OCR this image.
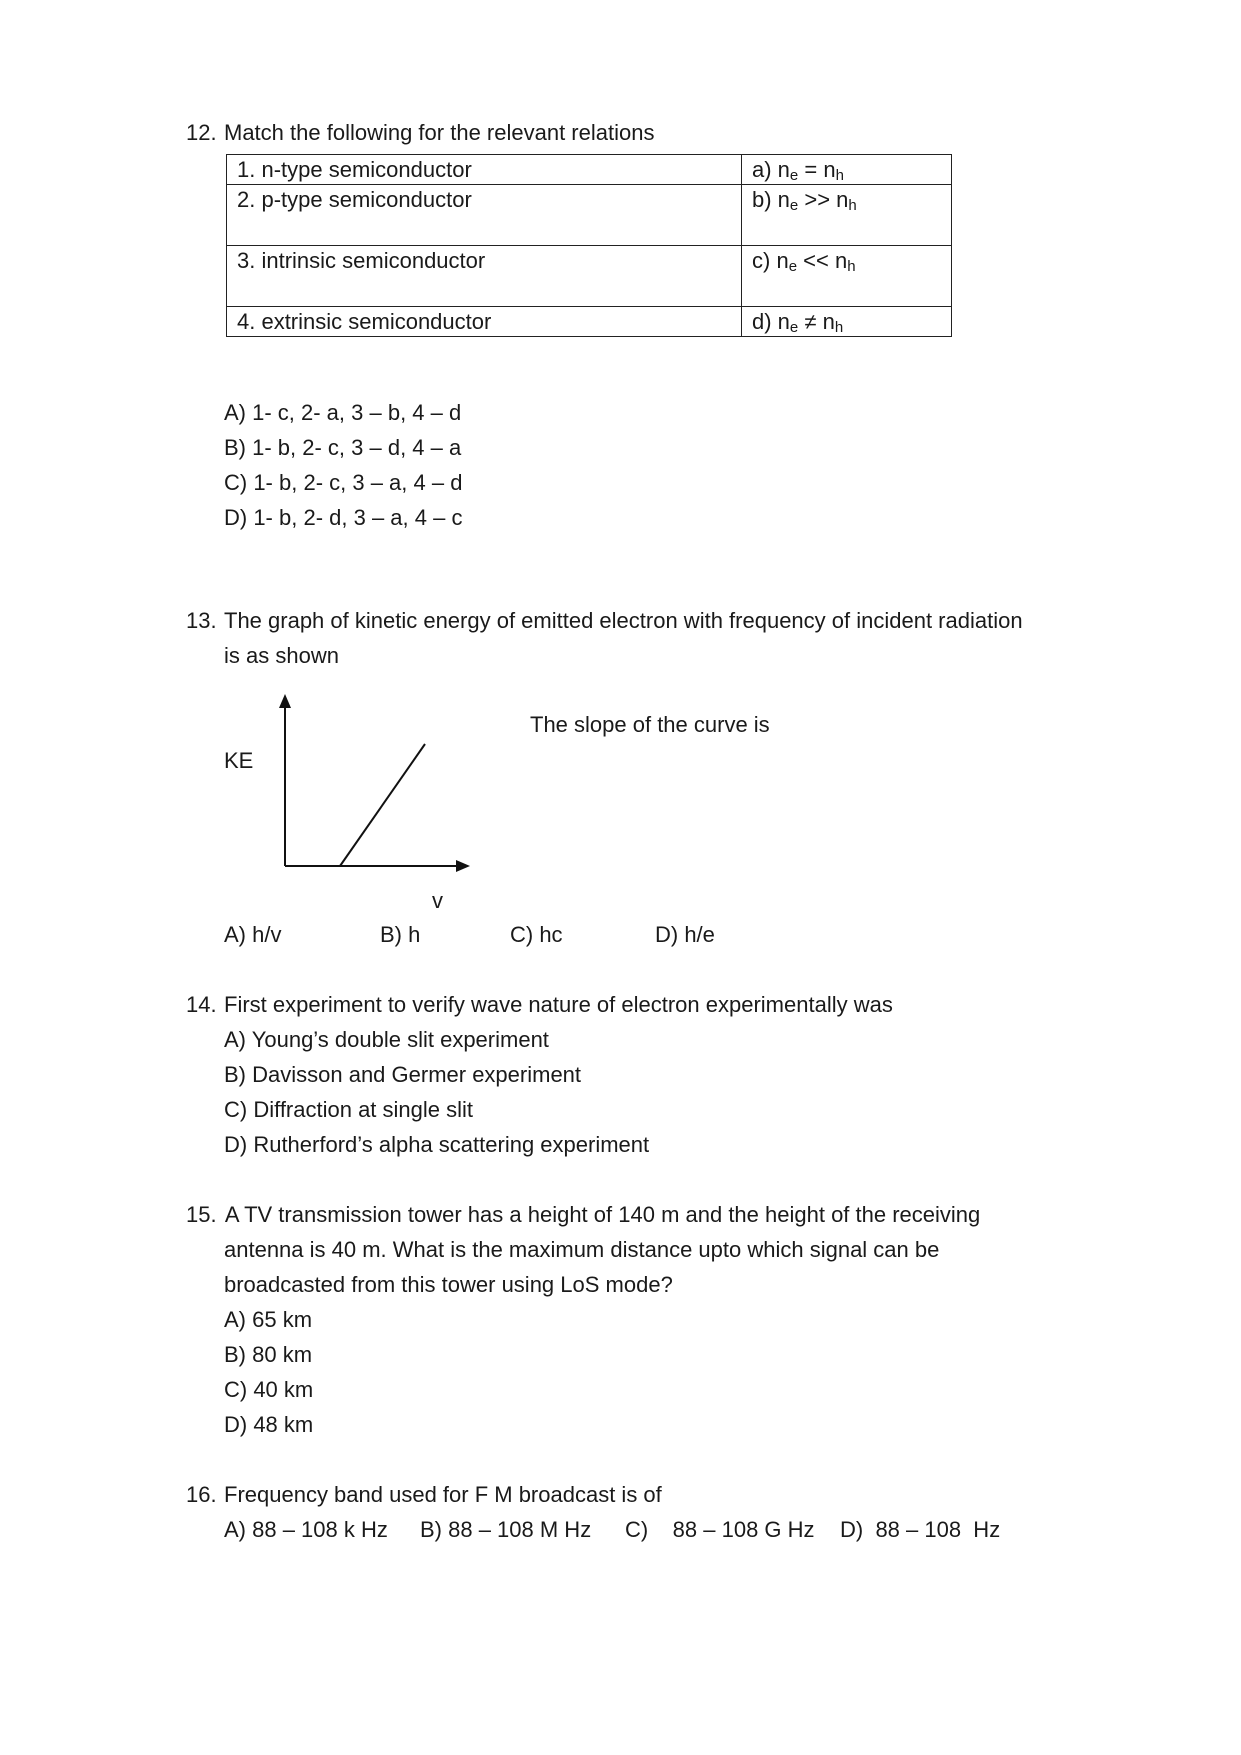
12. Match the following for the relevant relations
1. n-type semiconductor	a) $n_e = n_h$
2. p-type semiconductor	b) $n_e >> n_h$
3. intrinsic semiconductor	c) $n_e << n_h$
4. extrinsic semiconductor	d) $n_e \ne n_h$
A) 1- c, 2- a, 3 – b, 4 – d
B) 1- b, 2- c, 3 – d, 4 – a
C) 1- b, 2- c, 3 – a, 4 – d
D) 1- b, 2- d, 3 – a, 4 – c
13. The graph of kinetic energy of emitted electron with frequency of incident radiation
is as shown
KE
v
The slope of the curve is
A) h/v	B) h	C) hc	D) h/e
14. First experiment to verify wave nature of electron experimentally was
A) Young’s double slit experiment
B) Davisson and Germer experiment
C) Diffraction at single slit
D) Rutherford’s alpha scattering experiment
15. A TV transmission tower has a height of 140 m and the height of the receiving
antenna is 40 m. What is the maximum distance upto which signal can be
broadcasted from this tower using LoS mode?
A) 65 km
B) 80 km
C) 40 km
D) 48 km
16. Frequency band used for F M broadcast is of
A) 88 – 108 k Hz B) 88 – 108 M Hz C)    88 – 108 G Hz D)  88 – 108  Hz
